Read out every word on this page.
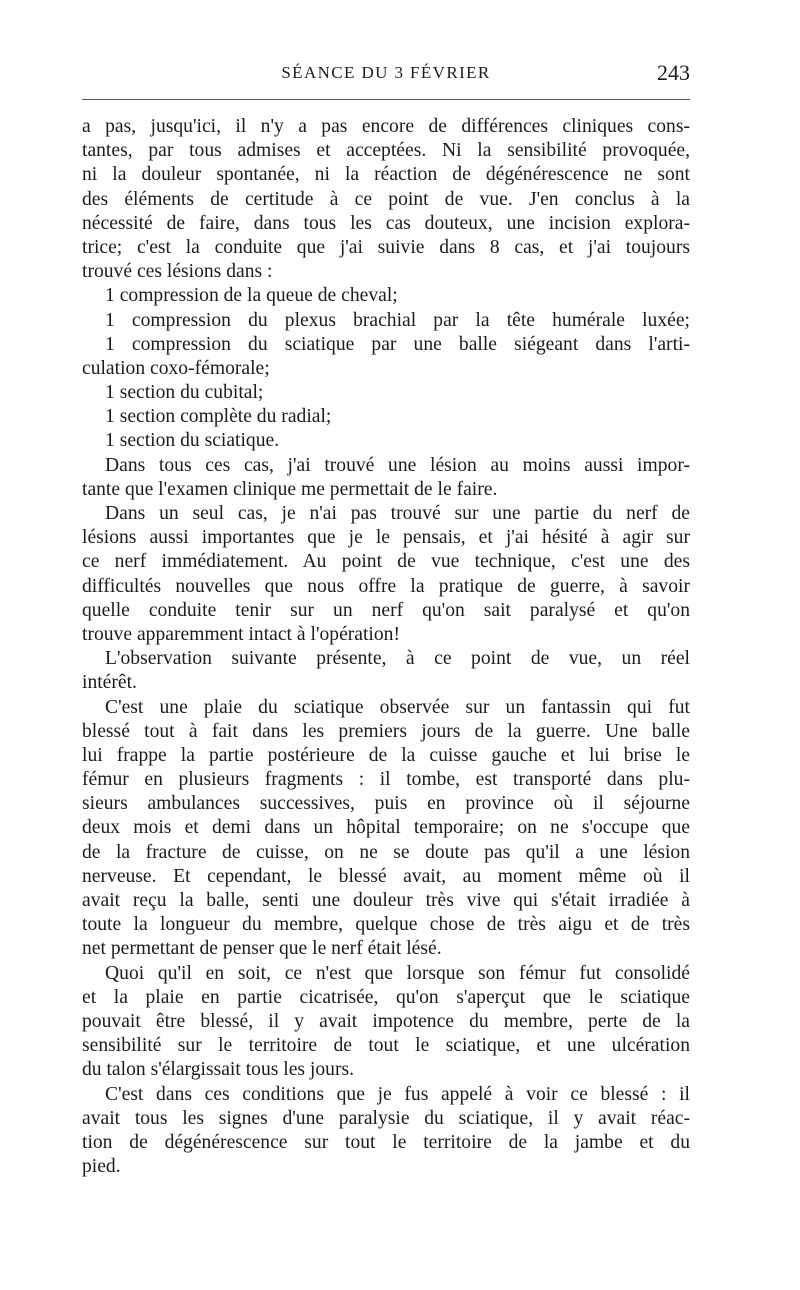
SÉANCE DU 3 FÉVRIER	243
a pas, jusqu'ici, il n'y a pas encore de différences cliniques cons-
tantes, par tous admises et acceptées. Ni la sensibilité provoquée,
ni la douleur spontanée, ni la réaction de dégénérescence ne sont
des éléments de certitude à ce point de vue. J'en conclus à la
nécessité de faire, dans tous les cas douteux, une incision explora-
trice; c'est la conduite que j'ai suivie dans 8 cas, et j'ai toujours
trouvé ces lésions dans :
1 compression de la queue de cheval;
1 compression du plexus brachial par la tête humérale luxée;
1 compression du sciatique par une balle siégeant dans l'arti-
culation coxo-fémorale;
1 section du cubital;
1 section complète du radial;
1 section du sciatique.
Dans tous ces cas, j'ai trouvé une lésion au moins aussi impor-
tante que l'examen clinique me permettait de le faire.
Dans un seul cas, je n'ai pas trouvé sur une partie du nerf de
lésions aussi importantes que je le pensais, et j'ai hésité à agir sur
ce nerf immédiatement. Au point de vue technique, c'est une des
difficultés nouvelles que nous offre la pratique de guerre, à savoir
quelle conduite tenir sur un nerf qu'on sait paralysé et qu'on
trouve apparemment intact à l'opération!
L'observation suivante présente, à ce point de vue, un réel
intérêt.
C'est une plaie du sciatique observée sur un fantassin qui fut
blessé tout à fait dans les premiers jours de la guerre. Une balle
lui frappe la partie postérieure de la cuisse gauche et lui brise le
fémur en plusieurs fragments : il tombe, est transporté dans plu-
sieurs ambulances successives, puis en province où il séjourne
deux mois et demi dans un hôpital temporaire; on ne s'occupe que
de la fracture de cuisse, on ne se doute pas qu'il a une lésion
nerveuse. Et cependant, le blessé avait, au moment même où il
avait reçu la balle, senti une douleur très vive qui s'était irradiée à
toute la longueur du membre, quelque chose de très aigu et de très
net permettant de penser que le nerf était lésé.
Quoi qu'il en soit, ce n'est que lorsque son fémur fut consolidé
et la plaie en partie cicatrisée, qu'on s'aperçut que le sciatique
pouvait être blessé, il y avait impotence du membre, perte de la
sensibilité sur le territoire de tout le sciatique, et une ulcération
du talon s'élargissait tous les jours.
C'est dans ces conditions que je fus appelé à voir ce blessé : il
avait tous les signes d'une paralysie du sciatique, il y avait réac-
tion de dégénérescence sur tout le territoire de la jambe et du
pied.
